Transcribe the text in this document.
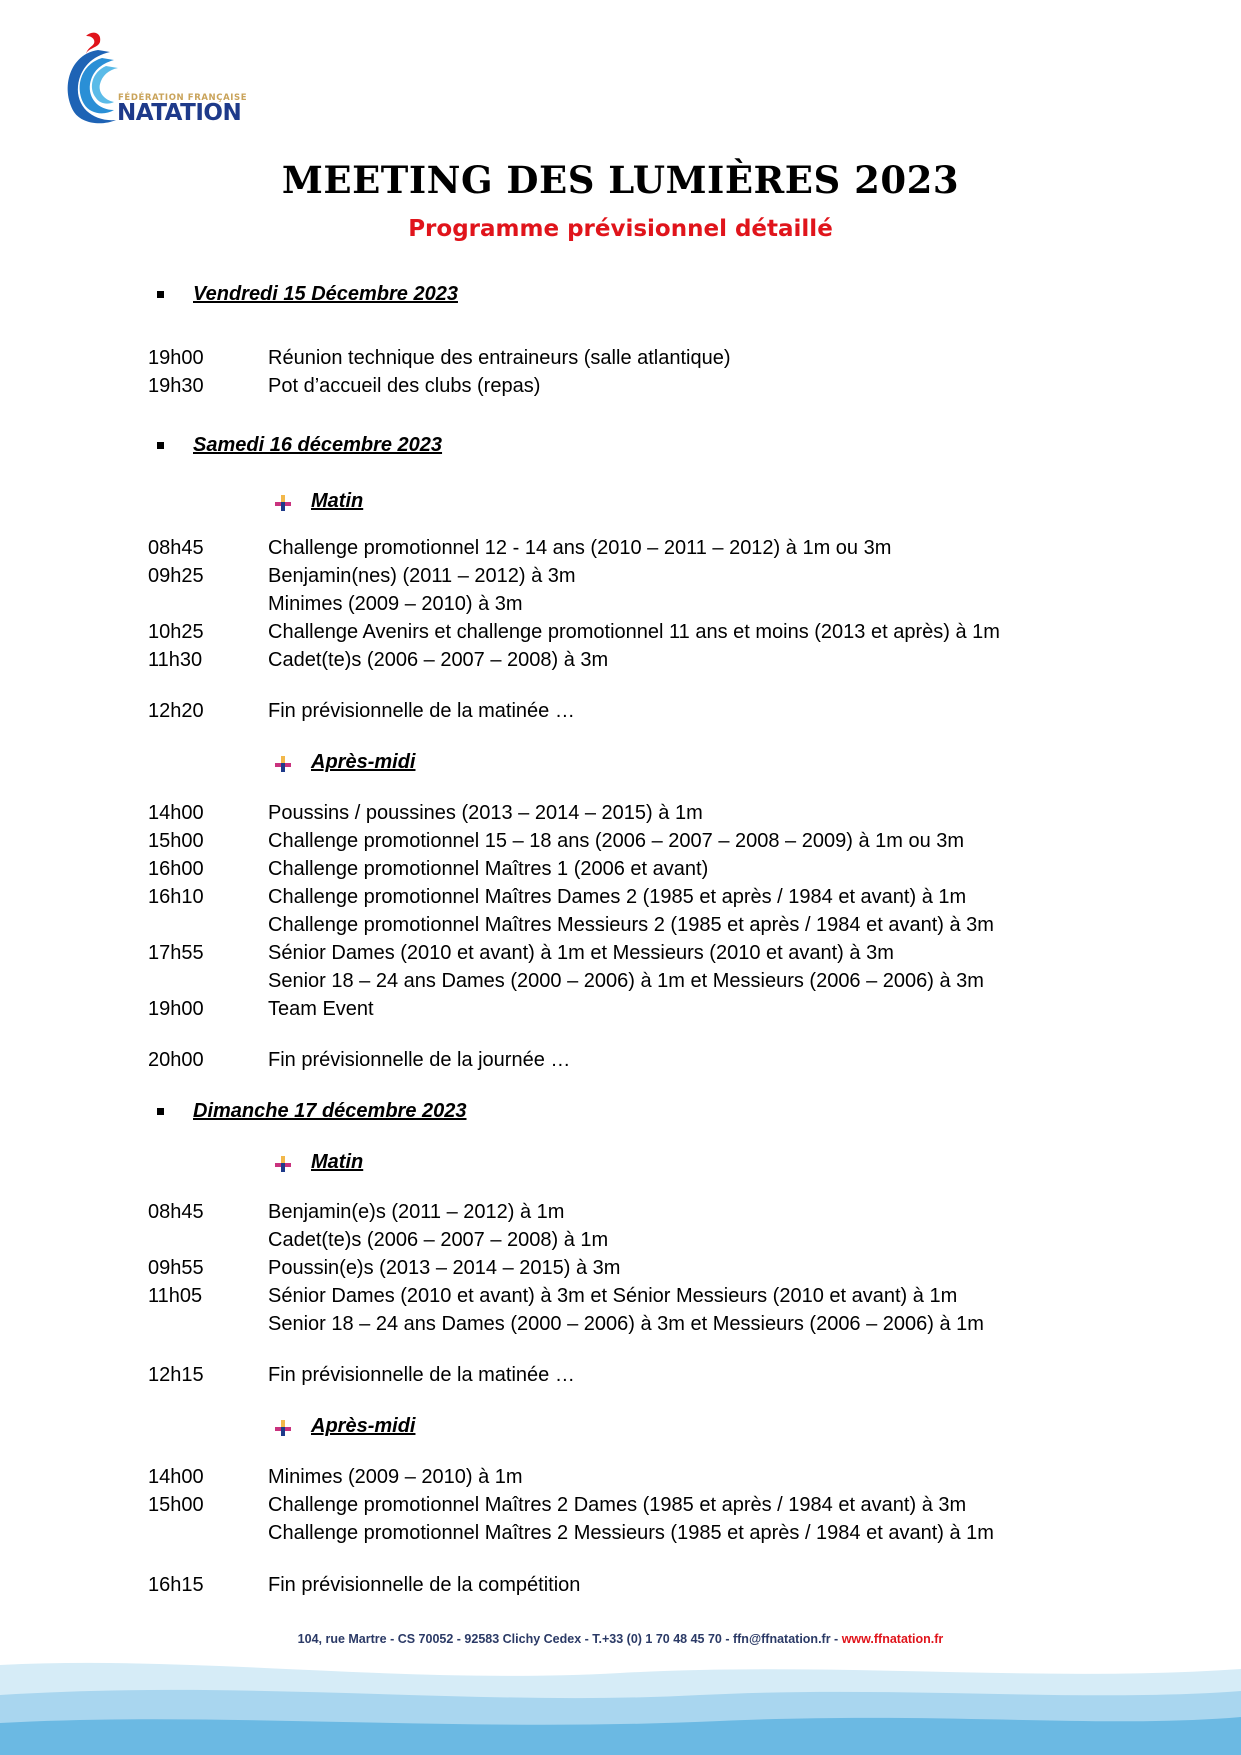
FÉDÉRATION FRANÇAISE
NATATION
MEETING DES LUMIÈRES 2023
Programme prévisionnel détaillé
Vendredi 15 Décembre 2023
19h00	Réunion technique des entraineurs (salle atlantique)
19h30	Pot d’accueil des clubs (repas)
Samedi 16 décembre 2023
Matin
08h45	Challenge promotionnel 12 - 14 ans (2010 – 2011 – 2012) à 1m ou 3m
09h25	Benjamin(nes) (2011 – 2012) à 3m
Minimes (2009 – 2010) à 3m
10h25	Challenge Avenirs et challenge promotionnel 11 ans et moins (2013 et après) à 1m
11h30	Cadet(te)s (2006 – 2007 – 2008) à 3m
12h20	Fin prévisionnelle de la matinée …
Après-midi
14h00	Poussins / poussines (2013 – 2014 – 2015) à 1m
15h00	Challenge promotionnel 15 – 18 ans (2006 – 2007 – 2008 – 2009) à 1m ou 3m
16h00	Challenge promotionnel Maîtres 1 (2006 et avant)
16h10	Challenge promotionnel Maîtres Dames 2 (1985 et après / 1984 et avant) à 1m
Challenge promotionnel Maîtres Messieurs 2 (1985 et après / 1984 et avant) à 3m
17h55	Sénior Dames (2010 et avant) à 1m et Messieurs (2010 et avant) à 3m
Senior 18 – 24 ans Dames (2000 – 2006) à 1m et Messieurs (2006 – 2006) à 3m
19h00	Team Event
20h00	Fin prévisionnelle de la journée …
Dimanche 17 décembre 2023
Matin
08h45	Benjamin(e)s (2011 – 2012) à 1m
Cadet(te)s (2006 – 2007 – 2008) à 1m
09h55	Poussin(e)s (2013 – 2014 – 2015) à 3m
11h05	Sénior Dames (2010 et avant) à 3m et Sénior Messieurs (2010 et avant) à 1m
Senior 18 – 24 ans Dames (2000 – 2006) à 3m et Messieurs (2006 – 2006) à 1m
12h15	Fin prévisionnelle de la matinée …
Après-midi
14h00	Minimes (2009 – 2010) à 1m
15h00	Challenge promotionnel Maîtres 2 Dames (1985 et après / 1984 et avant) à 3m
Challenge promotionnel Maîtres 2 Messieurs (1985 et après / 1984 et avant) à 1m
16h15	Fin prévisionnelle de la compétition
104, rue Martre - CS 70052 - 92583 Clichy Cedex - T.+33 (0) 1 70 48 45 70 - ffn@ffnatation.fr - www.ffnatation.fr
